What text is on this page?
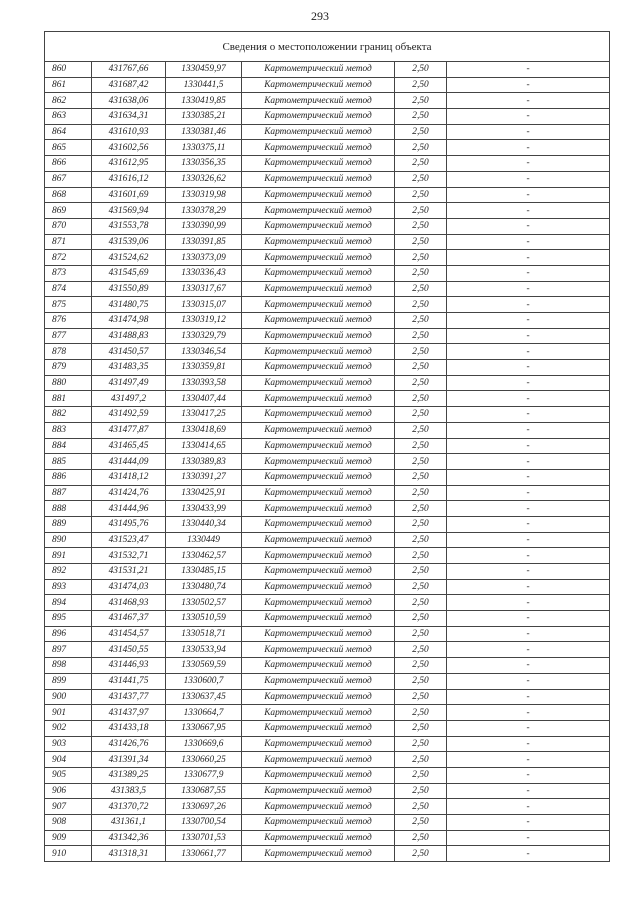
293
Сведения о местоположении границ объекта					
860	431767,66	1330459,97	Картометрический метод	2,50	-
861	431687,42	1330441,5	Картометрический метод	2,50	-
862	431638,06	1330419,85	Картометрический метод	2,50	-
863	431634,31	1330385,21	Картометрический метод	2,50	-
864	431610,93	1330381,46	Картометрический метод	2,50	-
865	431602,56	1330375,11	Картометрический метод	2,50	-
866	431612,95	1330356,35	Картометрический метод	2,50	-
867	431616,12	1330326,62	Картометрический метод	2,50	-
868	431601,69	1330319,98	Картометрический метод	2,50	-
869	431569,94	1330378,29	Картометрический метод	2,50	-
870	431553,78	1330390,99	Картометрический метод	2,50	-
871	431539,06	1330391,85	Картометрический метод	2,50	-
872	431524,62	1330373,09	Картометрический метод	2,50	-
873	431545,69	1330336,43	Картометрический метод	2,50	-
874	431550,89	1330317,67	Картометрический метод	2,50	-
875	431480,75	1330315,07	Картометрический метод	2,50	-
876	431474,98	1330319,12	Картометрический метод	2,50	-
877	431488,83	1330329,79	Картометрический метод	2,50	-
878	431450,57	1330346,54	Картометрический метод	2,50	-
879	431483,35	1330359,81	Картометрический метод	2,50	-
880	431497,49	1330393,58	Картометрический метод	2,50	-
881	431497,2	1330407,44	Картометрический метод	2,50	-
882	431492,59	1330417,25	Картометрический метод	2,50	-
883	431477,87	1330418,69	Картометрический метод	2,50	-
884	431465,45	1330414,65	Картометрический метод	2,50	-
885	431444,09	1330389,83	Картометрический метод	2,50	-
886	431418,12	1330391,27	Картометрический метод	2,50	-
887	431424,76	1330425,91	Картометрический метод	2,50	-
888	431444,96	1330433,99	Картометрический метод	2,50	-
889	431495,76	1330440,34	Картометрический метод	2,50	-
890	431523,47	1330449	Картометрический метод	2,50	-
891	431532,71	1330462,57	Картометрический метод	2,50	-
892	431531,21	1330485,15	Картометрический метод	2,50	-
893	431474,03	1330480,74	Картометрический метод	2,50	-
894	431468,93	1330502,57	Картометрический метод	2,50	-
895	431467,37	1330510,59	Картометрический метод	2,50	-
896	431454,57	1330518,71	Картометрический метод	2,50	-
897	431450,55	1330533,94	Картометрический метод	2,50	-
898	431446,93	1330569,59	Картометрический метод	2,50	-
899	431441,75	1330600,7	Картометрический метод	2,50	-
900	431437,77	1330637,45	Картометрический метод	2,50	-
901	431437,97	1330664,7	Картометрический метод	2,50	-
902	431433,18	1330667,95	Картометрический метод	2,50	-
903	431426,76	1330669,6	Картометрический метод	2,50	-
904	431391,34	1330660,25	Картометрический метод	2,50	-
905	431389,25	1330677,9	Картометрический метод	2,50	-
906	431383,5	1330687,55	Картометрический метод	2,50	-
907	431370,72	1330697,26	Картометрический метод	2,50	-
908	431361,1	1330700,54	Картометрический метод	2,50	-
909	431342,36	1330701,53	Картометрический метод	2,50	-
910	431318,31	1330661,77	Картометрический метод	2,50	-
